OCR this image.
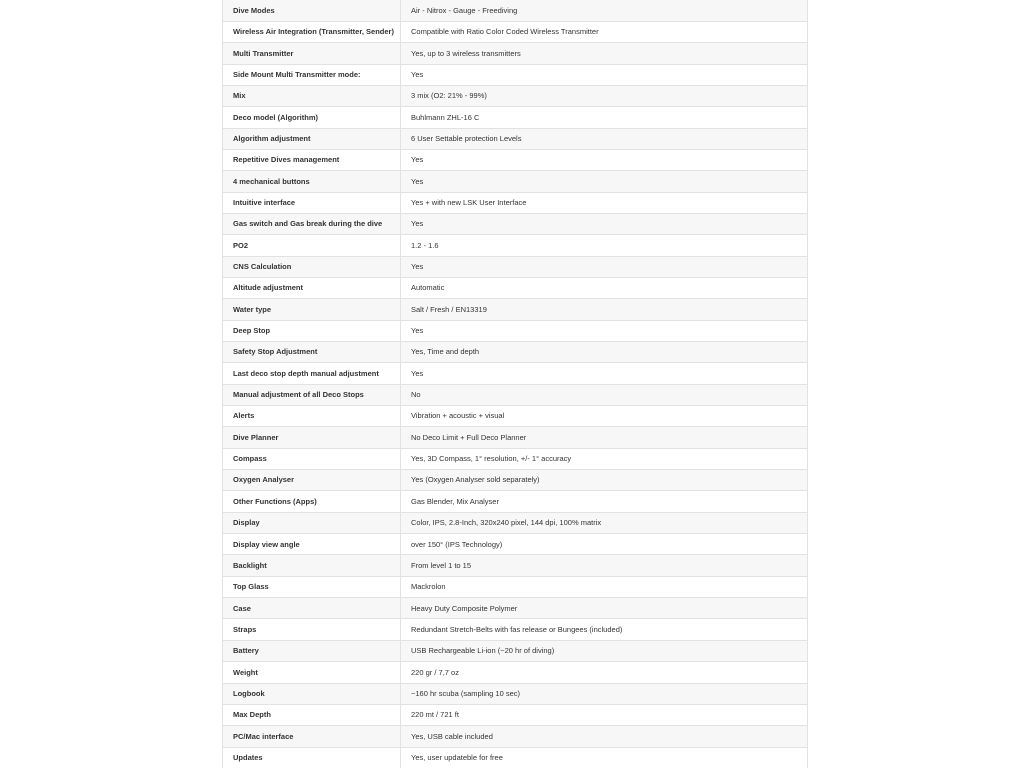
Dive Modes	Air - Nitrox - Gauge - Freediving
Wireless Air Integration (Transmitter, Sender)	Compatible with Ratio Color Coded Wireless Transmitter
Multi Transmitter	Yes, up to 3 wireless transmitters
Side Mount Multi Transmitter mode:	Yes
Mix	3 mix (O2: 21% - 99%)
Deco model (Algorithm)	Buhlmann ZHL-16 C
Algorithm adjustment	6 User Settable protection Levels
Repetitive Dives management	Yes
4 mechanical buttons	Yes
Intuitive interface	Yes + with new LSK User Interface
Gas switch and Gas break during the dive	Yes
PO2	1.2 - 1.6
CNS Calculation	Yes
Altitude adjustment	Automatic
Water type	Salt / Fresh / EN13319
Deep Stop	Yes
Safety Stop Adjustment	Yes, Time and depth
Last deco stop depth manual adjustment	Yes
Manual adjustment of all Deco Stops	No
Alerts	Vibration + acoustic + visual
Dive Planner	No Deco Limit + Full Deco Planner
Compass	Yes, 3D Compass, 1° resolution, +/- 1° accuracy
Oxygen Analyser	Yes (Oxygen Analyser sold separately)
Other Functions (Apps)	Gas Blender, Mix Analyser
Display	Color, IPS, 2.8-Inch, 320x240 pixel, 144 dpi, 100% matrix
Display view angle	over 150° (IPS Technology)
Backlight	From level 1 to 15
Top Glass	Mackrolon
Case	Heavy Duty Composite Polymer
Straps	Redundant Stretch-Belts with fas release or Bungees (included)
Battery	USB Rechargeable Li-ion (~20 hr of diving)
Weight	220 gr / 7,7 oz
Logbook	~160 hr scuba (sampling 10 sec)
Max Depth	220 mt / 721 ft
PC/Mac interface	Yes, USB cable included
Updates	Yes, user updateble for free
